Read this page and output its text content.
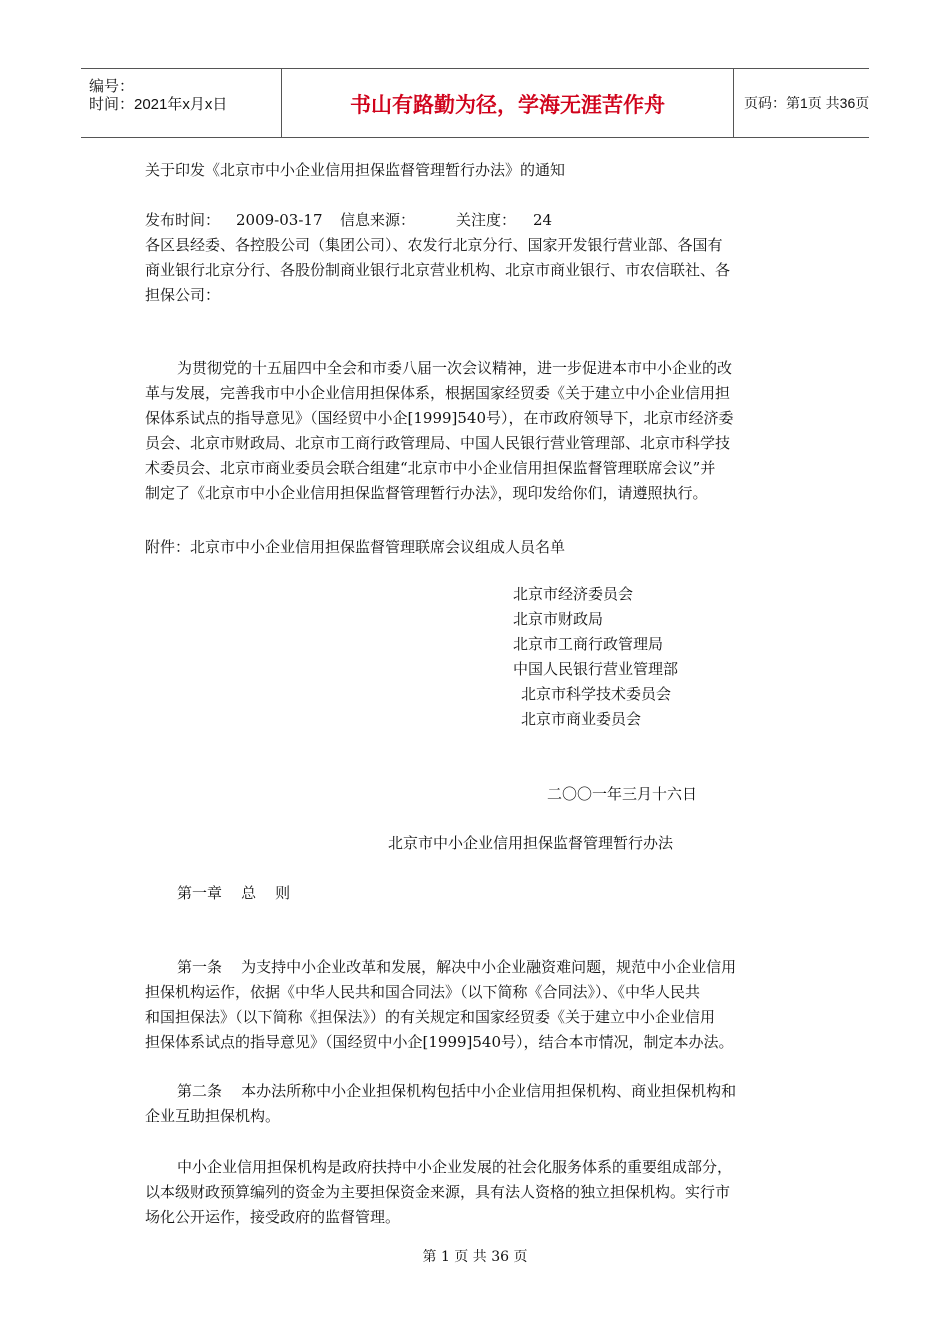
编号：
时间：2021年x月x日	书山有路勤为径，学海无涯苦作舟	页码：第1页 共36页
关于印发《北京市中小企业信用担保监督管理暂行办法》的通知
发布时间： 2009-03-17 信息来源：	关注度： 24
各区县经委、各控股公司（集团公司）、农发行北京分行、国家开发银行营业部、各国有
商业银行北京分行、各股份制商业银行北京营业机构、北京市商业银行、市农信联社、各
担保公司：
为贯彻党的十五届四中全会和市委八届一次会议精神，进一步促进本市中小企业的改
革与发展，完善我市中小企业信用担保体系，根据国家经贸委《关于建立中小企业信用担
保体系试点的指导意见》（国经贸中小企[1999]540号），在市政府领导下，北京市经济委
员会、北京市财政局、北京市工商行政管理局、中国人民银行营业管理部、北京市科学技
术委员会、北京市商业委员会联合组建“北京市中小企业信用担保监督管理联席会议”并
制定了《北京市中小企业信用担保监督管理暂行办法》，现印发给你们，请遵照执行。
附件：北京市中小企业信用担保监督管理联席会议组成人员名单
北京市经济委员会
北京市财政局
北京市工商行政管理局
中国人民银行营业管理部
北京市科学技术委员会
北京市商业委员会
二〇〇一年三月十六日
北京市中小企业信用担保监督管理暂行办法
第一章    总    则
第一条    为支持中小企业改革和发展，解决中小企业融资难问题，规范中小企业信用
担保机构运作，依据《中华人民共和国合同法》（以下简称《合同法》）、《中华人民共
和国担保法》（以下简称《担保法》）的有关规定和国家经贸委《关于建立中小企业信用
担保体系试点的指导意见》（国经贸中小企[1999]540号），结合本市情况，制定本办法。
第二条    本办法所称中小企业担保机构包括中小企业信用担保机构、商业担保机构和
企业互助担保机构。
中小企业信用担保机构是政府扶持中小企业发展的社会化服务体系的重要组成部分，
以本级财政预算编列的资金为主要担保资金来源，具有法人资格的独立担保机构。实行市
场化公开运作，接受政府的监督管理。
第 1 页 共 36 页
